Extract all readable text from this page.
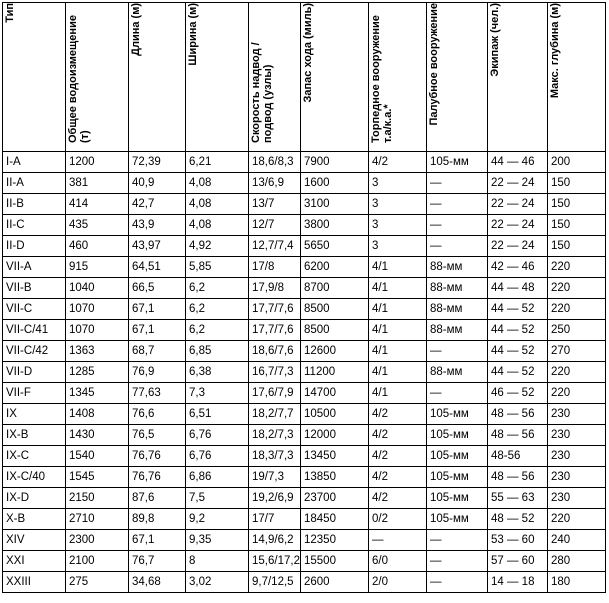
Тип	Общее водоизмещение (т)	Длина (м)	Ширина (м)	Скорость надвод / подвод (узлы)	Запас хода (миль)	Торпедное вооружение т.а/к.а.*	Палубное вооружение	Экипаж (чел.)	Макс. глубина (м)

I-A	1200	72,39	6,21	18,6/8,3	7900	4/2	105-мм	44 — 46	200
II-A	381	40,9	4,08	13/6,9	1600	3	—	22 — 24	150
II-B	414	42,7	4,08	13/7	3100	3	—	22 — 24	150
II-C	435	43,9	4,08	12/7	3800	3	—	22 — 24	150
II-D	460	43,97	4,92	12,7/7,4	5650	3	—	22 — 24	150
VII-A	915	64,51	5,85	17/8	6200	4/1	88-мм	42 — 46	220
VII-B	1040	66,5	6,2	17,9/8	8700	4/1	88-мм	44 — 48	220
VII-C	1070	67,1	6,2	17,7/7,6	8500	4/1	88-мм	44 — 52	220
VII-C/41	1070	67,1	6,2	17,7/7,6	8500	4/1	88-мм	44 — 52	250
VII-C/42	1363	68,7	6,85	18,6/7,6	12600	4/1	—	44 — 52	270
VII-D	1285	76,9	6,38	16,7/7,3	11200	4/1	88-мм	44 — 52	220
VII-F	1345	77,63	7,3	17,6/7,9	14700	4/1	—	46 — 52	220
IX	1408	76,6	6,51	18,2/7,7	10500	4/2	105-мм	48 — 56	230
IX-B	1430	76,5	6,76	18,2/7,3	12000	4/2	105-мм	48 — 56	230
IX-C	1540	76,76	6,76	18,3/7,3	13450	4/2	105-мм	48-56	230
IX-C/40	1545	76,76	6,86	19/7,3	13850	4/2	105-мм	48 — 56	230
IX-D	2150	87,6	7,5	19,2/6,9	23700	4/2	105-мм	55 — 63	230
X-B	2710	89,8	9,2	17/7	18450	0/2	105-мм	48 — 52	220
XIV	2300	67,1	9,35	14,9/6,2	12350	—	—	53 — 60	240
XXI	2100	76,7	8	15,6/17,2	15500	6/0	—	57 — 60	280
XXIII	275	34,68	3,02	9,7/12,5	2600	2/0	—	14 — 18	180
